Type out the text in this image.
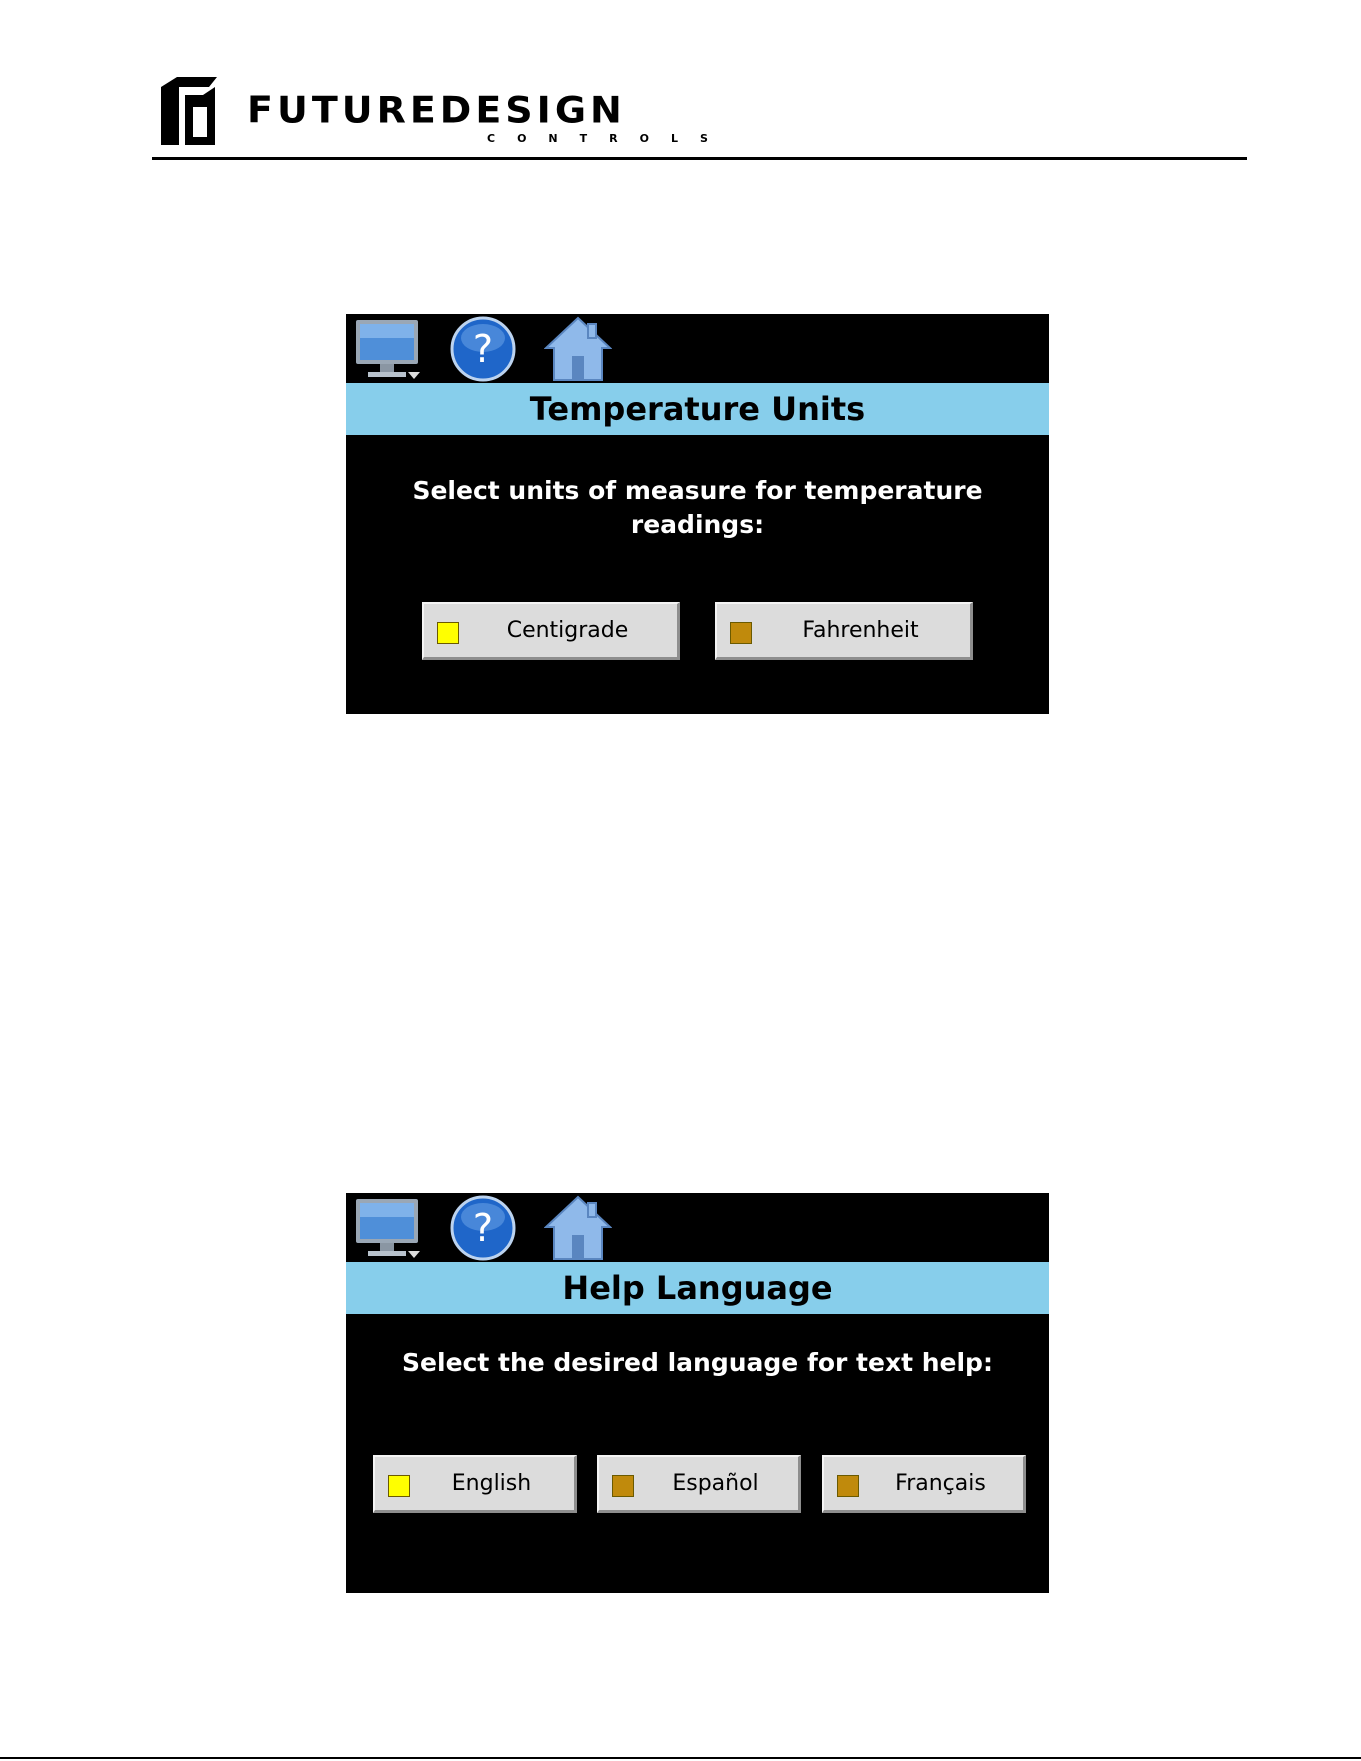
FUTUREDESIGN
CONTROLS
?
Temperature Units
Select units of measure for temperature readings:
Centigrade	Fahrenheit
?
Help Language
Select the desired language for text help:
English	Español	Français
